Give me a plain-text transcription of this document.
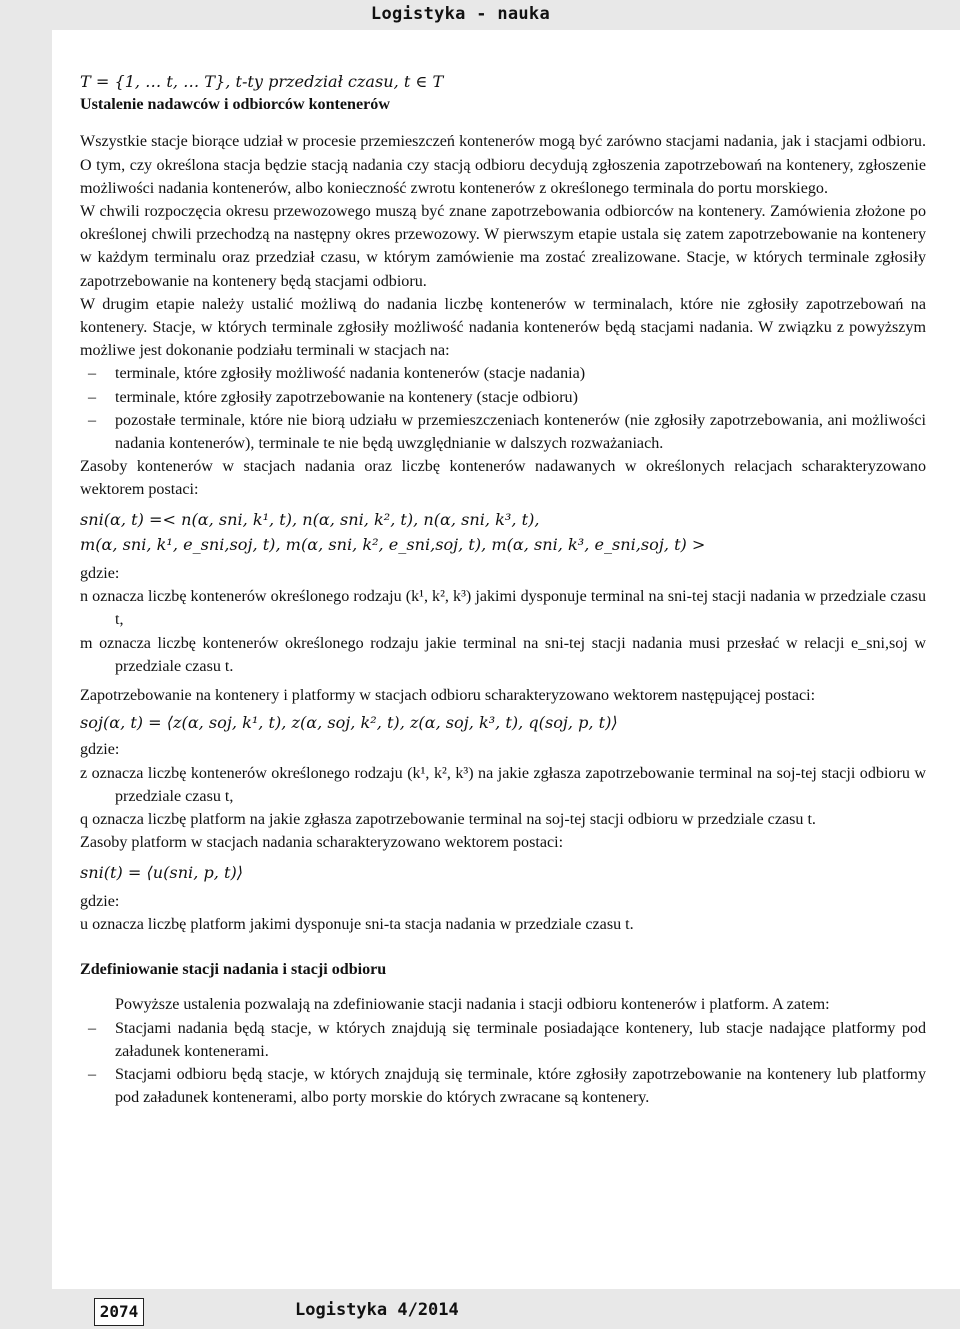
Logistyka - nauka

T = {1, … t, … T}, t-ty przedział czasu, t ∈ T

Ustalenie nadawców i odbiorców kontenerów

Wszystkie stacje biorące udział w procesie przemieszczeń kontenerów mogą być zarówno stacjami nadania, jak i stacjami odbioru. O tym, czy określona stacja będzie stacją nadania czy stacją odbioru decydują zgłoszenia zapotrzebowań na kontenery, zgłoszenie możliwości nadania kontenerów, albo konieczność zwrotu kontenerów z określonego terminala do portu morskiego.

W chwili rozpoczęcia okresu przewozowego muszą być znane zapotrzebowania odbiorców na kontenery. Zamówienia złożone po określonej chwili przechodzą na następny okres przewozowy. W pierwszym etapie ustala się zatem zapotrzebowanie na kontenery w każdym terminalu oraz przedział czasu, w którym zamówienie ma zostać zrealizowane. Stacje, w których terminale zgłosiły zapotrzebowanie na kontenery będą stacjami odbioru.

W drugim etapie należy ustalić możliwą do nadania liczbę kontenerów w terminalach, które nie zgłosiły zapotrzebowań na kontenery. Stacje, w których terminale zgłosiły możliwość nadania kontenerów będą stacjami nadania. W związku z powyższym możliwe jest dokonanie podziału terminali w stacjach na:

– terminale, które zgłosiły możliwość nadania kontenerów (stacje nadania)
– terminale, które zgłosiły zapotrzebowanie na kontenery (stacje odbioru)
– pozostałe terminale, które nie biorą udziału w przemieszczeniach kontenerów (nie zgłosiły zapotrzebowania, ani możliwości nadania kontenerów), terminale te nie będą uwzględnianie w dalszych rozważaniach.

Zasoby kontenerów w stacjach nadania oraz liczbę kontenerów nadawanych w określonych relacjach scharakteryzowano wektorem postaci:

sni(α, t) =< n(α, sni, k¹, t), n(α, sni, k², t), n(α, sni, k³, t),

m(α, sni, k¹, e_sni,soj, t), m(α, sni, k², e_sni,soj, t), m(α, sni, k³, e_sni,soj, t) >

gdzie:

n oznacza liczbę kontenerów określonego rodzaju (k¹, k², k³) jakimi dysponuje terminal na sni-tej stacji nadania w przedziale czasu t,

m oznacza liczbę kontenerów określonego rodzaju jakie terminal na sni-tej stacji nadania musi przesłać w relacji e_sni,soj w przedziale czasu t.

Zapotrzebowanie na kontenery i platformy w stacjach odbioru scharakteryzowano wektorem następującej postaci:

soj(α, t) = ⟨z(α, soj, k¹, t), z(α, soj, k², t), z(α, soj, k³, t), q(soj, p, t)⟩

gdzie:

z oznacza liczbę kontenerów określonego rodzaju (k¹, k², k³) na jakie zgłasza zapotrzebowanie terminal na soj-tej stacji odbioru w przedziale czasu t,

q oznacza liczbę platform na jakie zgłasza zapotrzebowanie terminal na soj-tej stacji odbioru w przedziale czasu t.

Zasoby platform w stacjach nadania scharakteryzowano wektorem postaci:

sni(t) = ⟨u(sni, p, t)⟩

gdzie:

u oznacza liczbę platform jakimi dysponuje sni-ta stacja nadania w przedziale czasu t.

Zdefiniowanie stacji nadania i stacji odbioru

Powyższe ustalenia pozwalają na zdefiniowanie stacji nadania i stacji odbioru kontenerów i platform. A zatem:

– Stacjami nadania będą stacje, w których znajdują się terminale posiadające kontenery, lub stacje nadające platformy pod załadunek kontenerami.
– Stacjami odbioru będą stacje, w których znajdują się terminale, które zgłosiły zapotrzebowanie na kontenery lub platformy pod załadunek kontenerami, albo porty morskie do których zwracane są kontenery.
2074	Logistyka 4/2014
